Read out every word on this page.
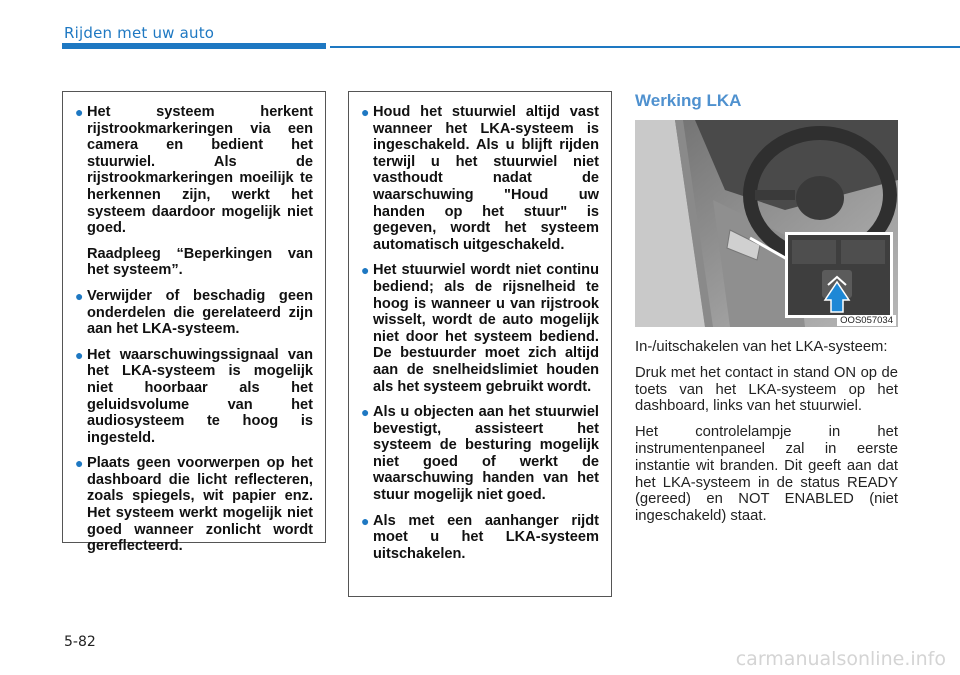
Rijden met uw auto
● Het systeem herkent rijstrookmarkeringen via een camera en bedient het stuurwiel. Als de rijstrookmarkeringen moeilijk te herkennen zijn, werkt het systeem daardoor mogelijk niet goed.

Raadpleeg “Beperkingen van het systeem”.

● Verwijder of beschadig geen onderdelen die gerelateerd zijn aan het LKA-systeem.

● Het waarschuwingssignaal van het LKA-systeem is mogelijk niet hoorbaar als het geluidsvolume van het audiosysteem te hoog is ingesteld.

● Plaats geen voorwerpen op het dashboard die licht reflecteren, zoals spiegels, wit papier enz. Het systeem werkt mogelijk niet goed wanneer zonlicht wordt gereflecteerd.

● Houd het stuurwiel altijd vast wanneer het LKA-systeem is ingeschakeld. Als u blijft rijden terwijl u het stuurwiel niet vasthoudt nadat de waarschuwing "Houd uw handen op het stuur" is gegeven, wordt het systeem automatisch uitgeschakeld.

● Het stuurwiel wordt niet continu bediend; als de rijsnelheid te hoog is wanneer u van rijstrook wisselt, wordt de auto mogelijk niet door het systeem bediend. De bestuurder moet zich altijd aan de snelheidslimiet houden als het systeem gebruikt wordt.

● Als u objecten aan het stuurwiel bevestigt, assisteert het systeem de besturing mogelijk niet goed of werkt de waarschuwing handen van het stuur mogelijk niet goed.

● Als met een aanhanger rijdt moet u het LKA-systeem uitschakelen.

Werking LKA
OOS057034

In-/uitschakelen van het LKA-systeem:

Druk met het contact in stand ON op de toets van het LKA-systeem op het dashboard, links van het stuurwiel.

Het controlelampje in het instrumentenpaneel zal in eerste instantie wit branden. Dit geeft aan dat het LKA-systeem in de status READY (gereed) en NOT ENABLED (niet ingeschakeld) staat.

5-82
carmanualsonline.info
